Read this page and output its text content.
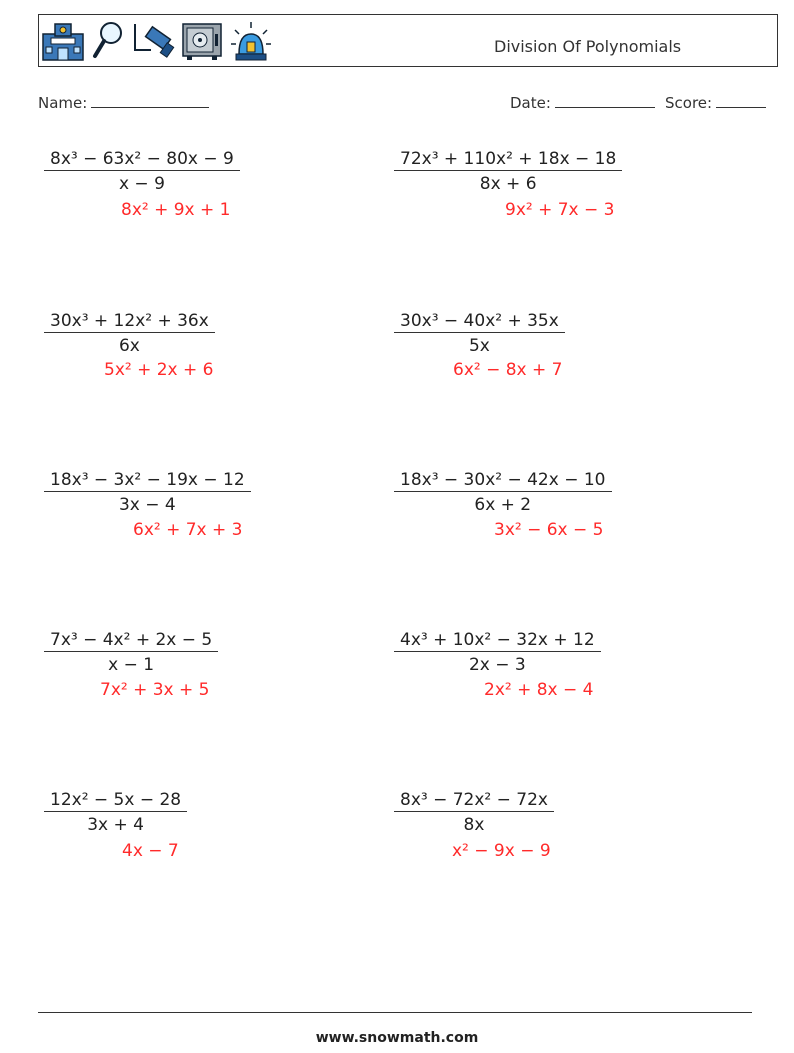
Division Of Polynomials
Name:	Date:	Score:
$\frac{\text{8x³ − 63x² − 80x − 9}}{x - 9}$
8x² + 9x + 1
$\frac{\text{72x³ + 110x² + 18x − 18}}{8x + 6}$
9x² + 7x − 3
$\frac{\text{30x³ + 12x² + 36x}}{6x}$
5x² + 2x + 6
$\frac{\text{30x³ − 40x² + 35x}}{5x}$
6x² − 8x + 7
$\frac{\text{18x³ − 3x² − 19x − 12}}{3x - 4}$
6x² + 7x + 3
$\frac{\text{18x³ − 30x² − 42x − 10}}{6x + 2}$
3x² − 6x − 5
$\frac{\text{7x³ − 4x² + 2x − 5}}{x - 1}$
7x² + 3x + 5
$\frac{\text{4x³ + 10x² − 32x + 12}}{2x - 3}$
2x² + 8x − 4
$\frac{\text{12x² − 5x − 28}}{3x + 4}$
4x − 7
$\frac{\text{8x³ − 72x² − 72x}}{8x}$
x² − 9x − 9
www.snowmath.com
